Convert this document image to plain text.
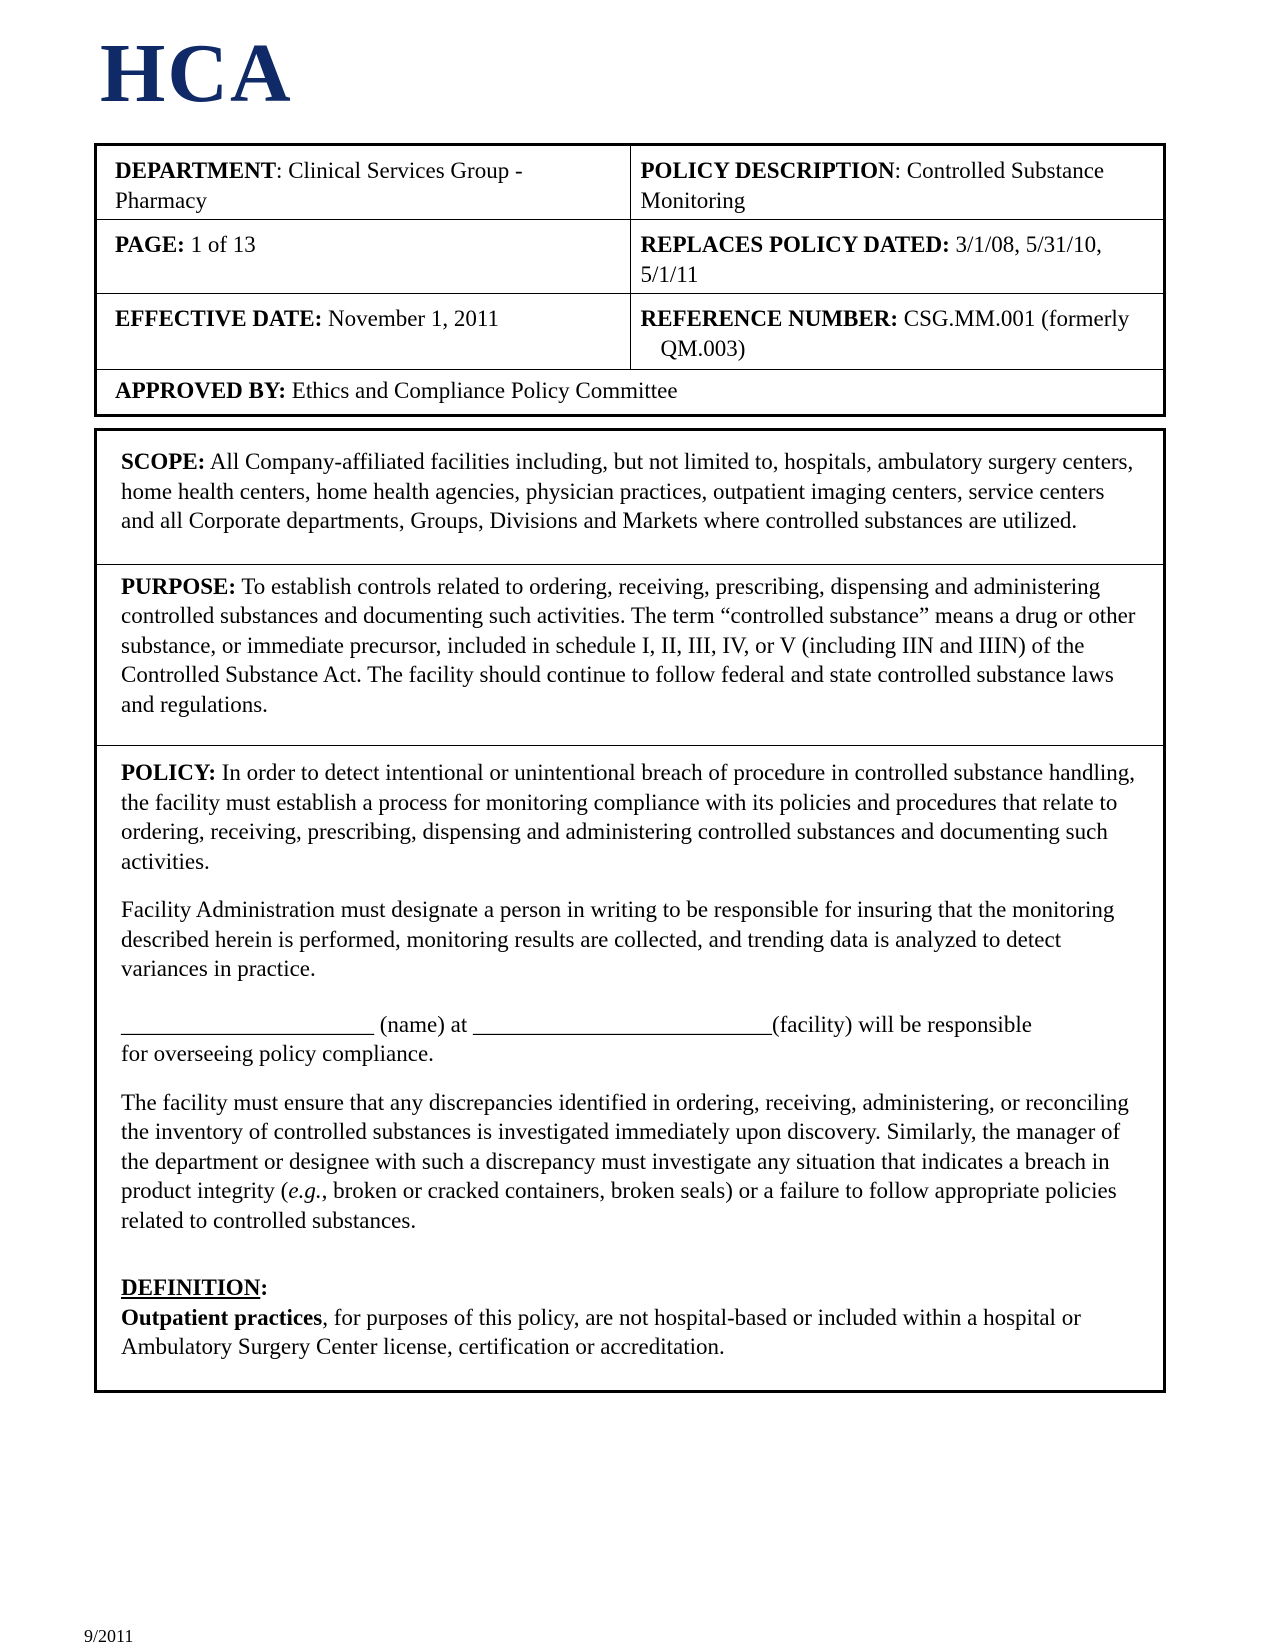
HCA
DEPARTMENT: Clinical Services Group - Pharmacy	POLICY DESCRIPTION: Controlled Substance Monitoring
PAGE: 1 of 13	REPLACES POLICY DATED: 3/1/08, 5/31/10, 5/1/11
EFFECTIVE DATE: November 1, 2011	REFERENCE NUMBER: CSG.MM.001 (formerly
QM.003)
APPROVED BY: Ethics and Compliance Policy Committee	

SCOPE: All Company-affiliated facilities including, but not limited to, hospitals, ambulatory surgery centers, home health centers, home health agencies, physician practices, outpatient imaging centers, service centers and all Corporate departments, Groups, Divisions and Markets where controlled substances are utilized.

PURPOSE: To establish controls related to ordering, receiving, prescribing, dispensing and administering controlled substances and documenting such activities. The term “controlled substance” means a drug or other substance, or immediate precursor, included in schedule I, II, III, IV, or V (including IIN and IIIN) of the Controlled Substance Act. The facility should continue to follow federal and state controlled substance laws and regulations.

POLICY: In order to detect intentional or unintentional breach of procedure in controlled substance handling, the facility must establish a process for monitoring compliance with its policies and procedures that relate to ordering, receiving, prescribing, dispensing and administering controlled substances and documenting such activities.

Facility Administration must designate a person in writing to be responsible for insuring that the monitoring described herein is performed, monitoring results are collected, and trending data is analyzed to detect variances in practice.

______________________ (name) at __________________________(facility) will be responsible
for overseeing policy compliance.

The facility must ensure that any discrepancies identified in ordering, receiving, administering, or reconciling the inventory of controlled substances is investigated immediately upon discovery. Similarly, the manager of the department or designee with such a discrepancy must investigate any situation that indicates a breach in product integrity (e.g., broken or cracked containers, broken seals) or a failure to follow appropriate policies related to controlled substances.

DEFINITION:
Outpatient practices, for purposes of this policy, are not hospital-based or included within a hospital or Ambulatory Surgery Center license, certification or accreditation.

9/2011
